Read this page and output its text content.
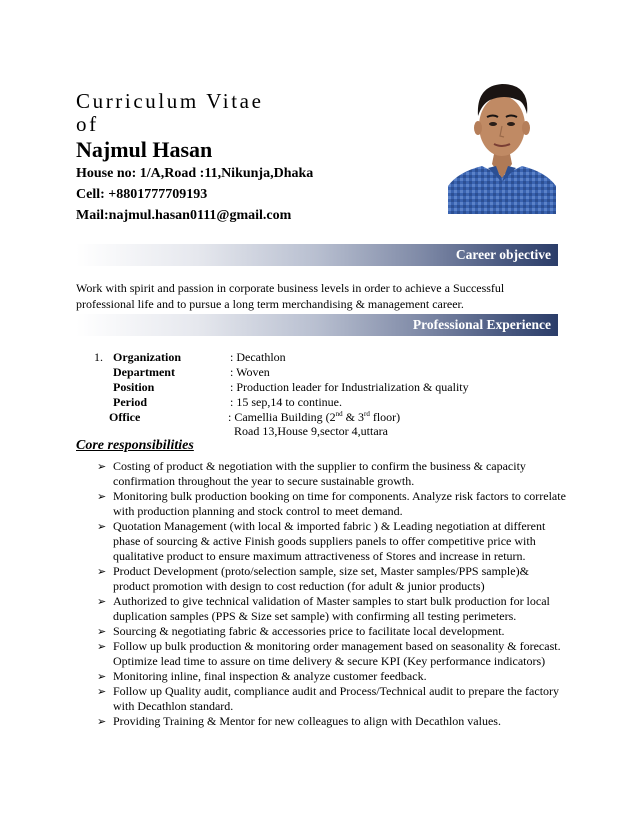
Curriculum Vitae
of
Najmul Hasan
House no: 1/A,Road :11,Nikunja,Dhaka
Cell: +8801777709193
Mail:najmul.hasan0111@gmail.com
Career objective
Work with spirit and passion in corporate business levels in order to achieve a Successful professional life and to pursue a long term merchandising & management career.
Professional Experience
1. Organization	: Decathlon
Department	: Woven
Position	: Production leader for Industrialization & quality
Period	: 15 sep,14 to continue.
Office	: Camellia Building (2nd & 3rd floor)
Road 13,House 9,sector 4,uttara
Core responsibilities
➢ Costing of product & negotiation with the supplier to confirm the business & capacity confirmation throughout the year to secure sustainable growth.
➢ Monitoring bulk production booking on time for components. Analyze risk factors to correlate with production planning and stock control to meet demand.
➢ Quotation Management (with local & imported fabric ) & Leading negotiation at different phase of sourcing & active Finish goods suppliers panels to offer competitive price with qualitative product to ensure maximum attractiveness of Stores and increase in return.
➢ Product Development (proto/selection sample, size set, Master samples/PPS sample)& product promotion with design to cost reduction (for adult & junior products)
➢ Authorized to give technical validation of Master samples to start bulk production for local duplication samples (PPS & Size set sample) with confirming all testing perimeters.
➢ Sourcing & negotiating fabric & accessories price to facilitate local development.
➢ Follow up bulk production & monitoring order management based on seasonality & forecast. Optimize lead time to assure on time delivery & secure KPI (Key performance indicators)
➢ Monitoring inline, final inspection & analyze customer feedback.
➢ Follow up Quality audit, compliance audit and Process/Technical audit to prepare the factory with Decathlon standard.
➢ Providing Training & Mentor for new colleagues to align with Decathlon values.
